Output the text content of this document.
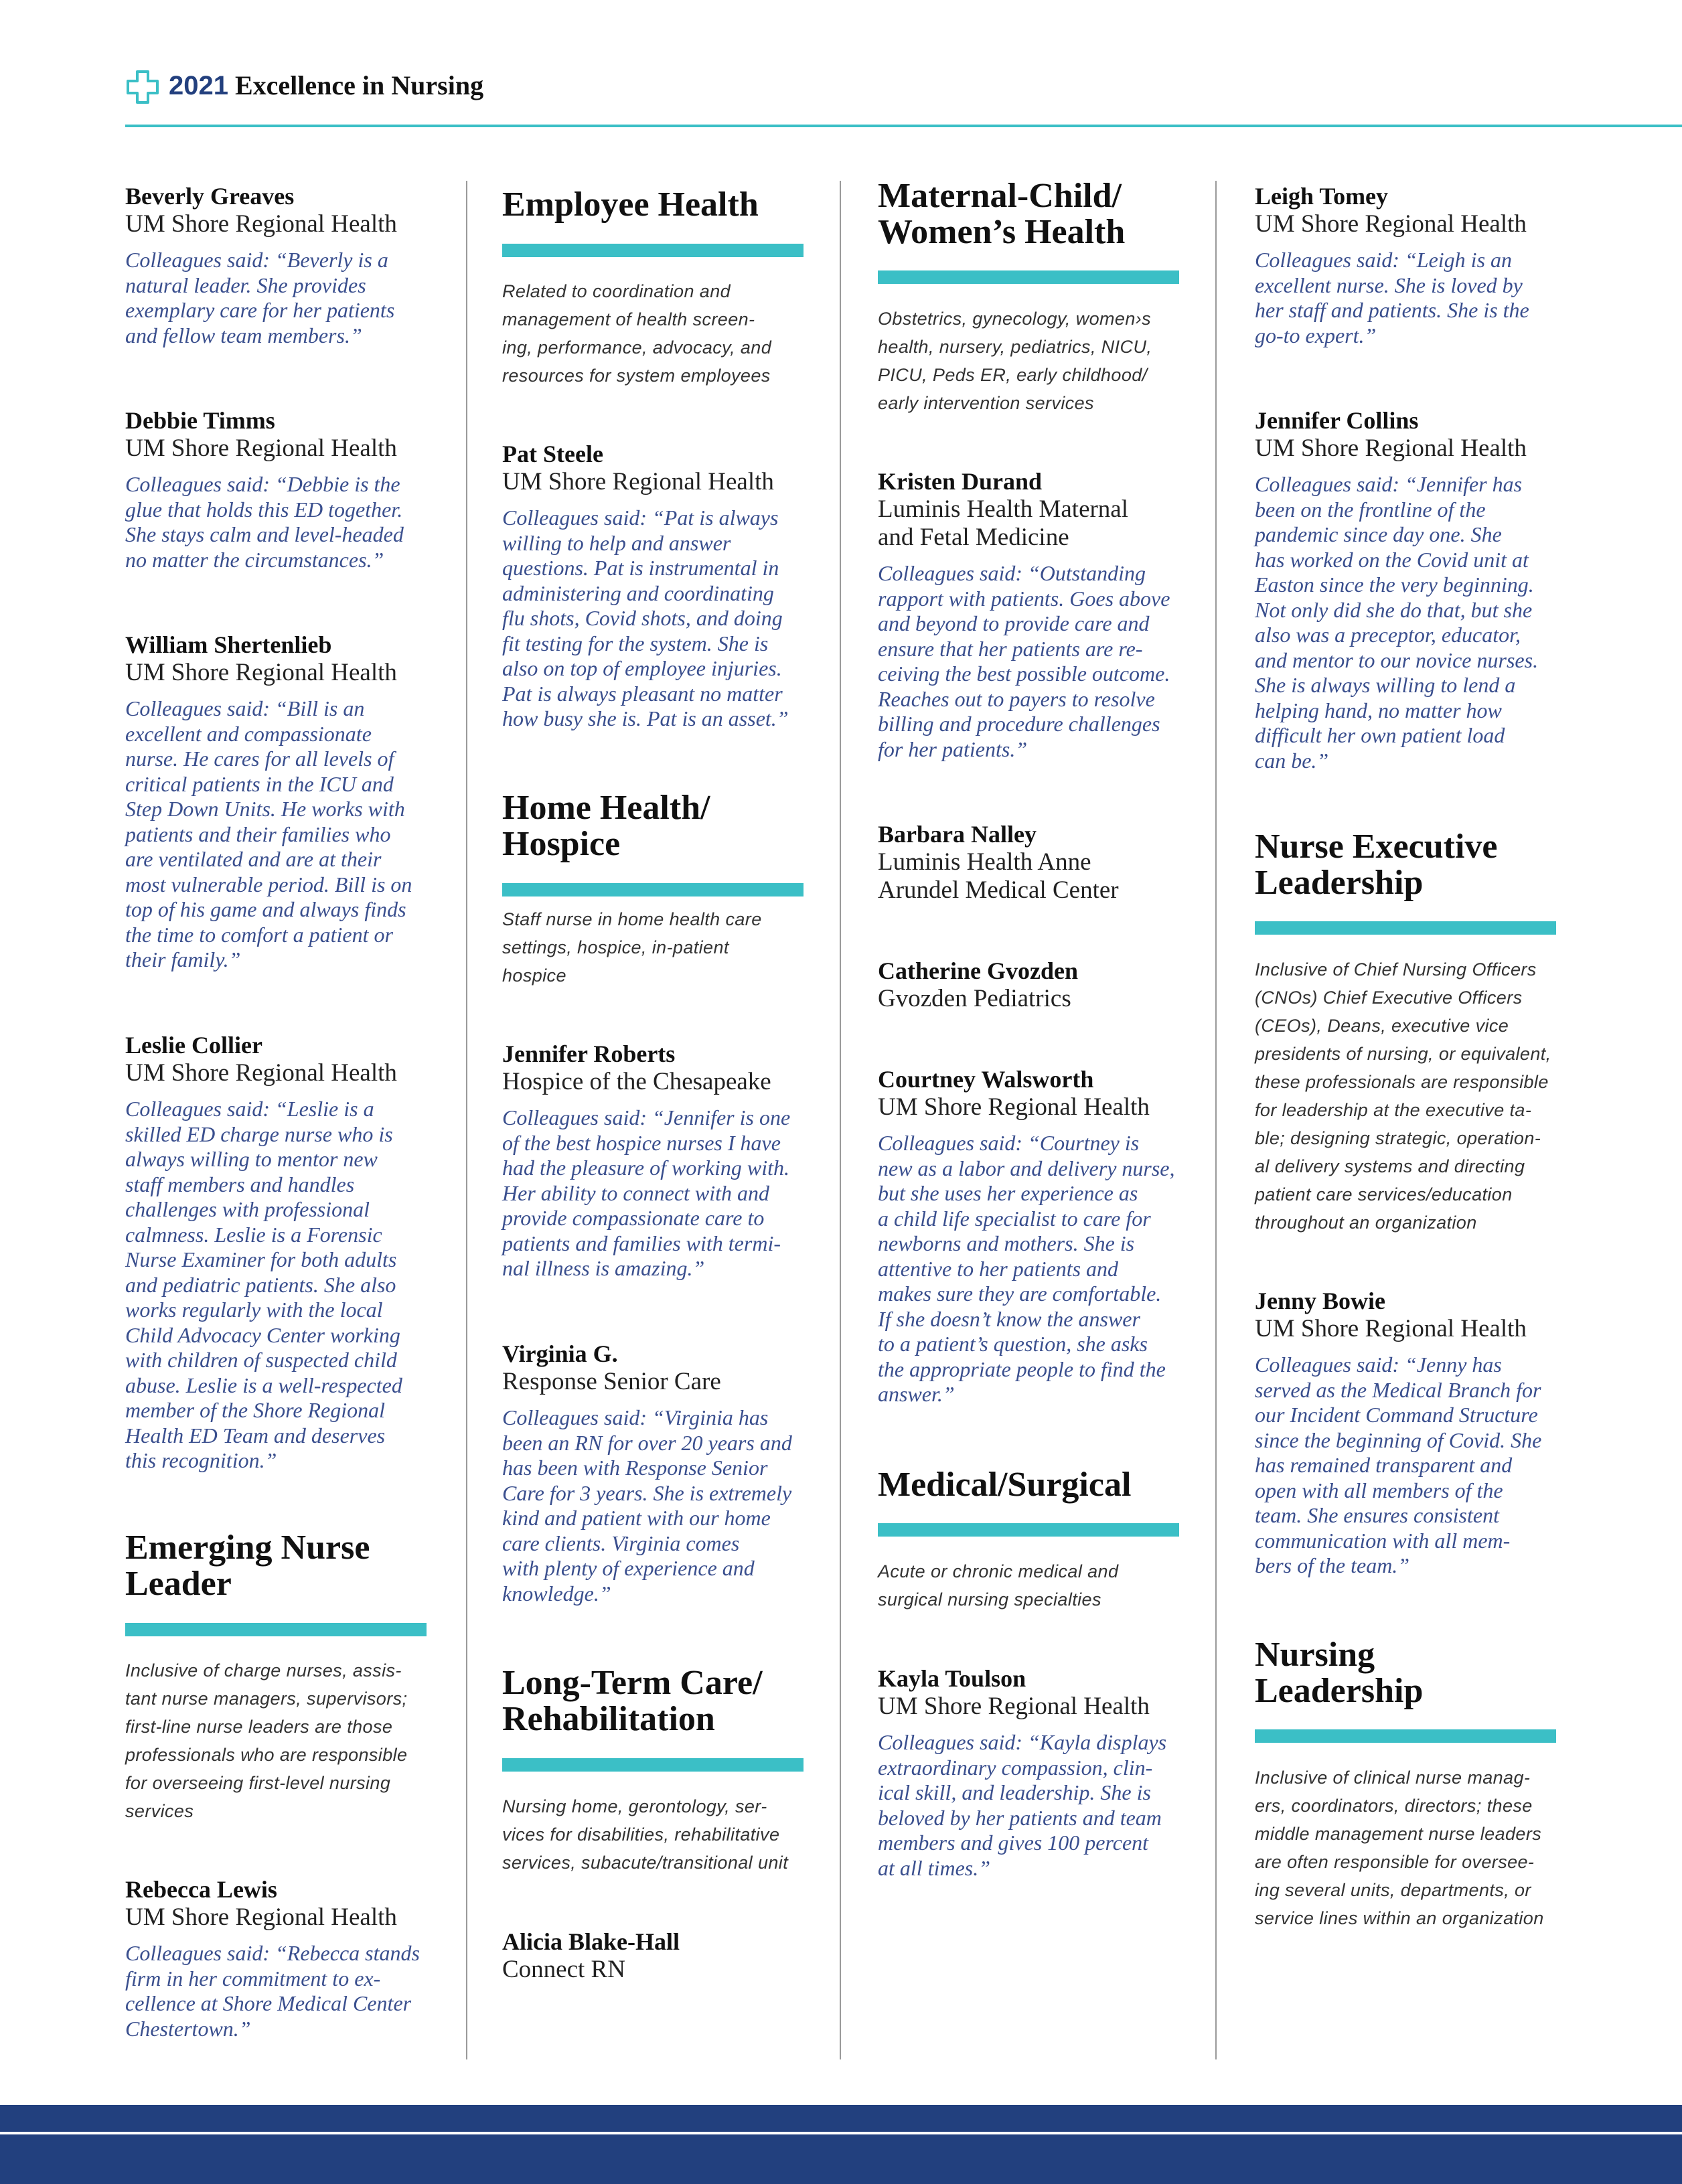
2021 Excellence in Nursing
Beverly Greaves
UM Shore Regional Health
Colleagues said: “Beverly is a
natural leader. She provides
exemplary care for her patients
and fellow team members.”
Debbie Timms
UM Shore Regional Health
Colleagues said: “Debbie is the
glue that holds this ED together.
She stays calm and level-headed
no matter the circumstances.”
William Shertenlieb
UM Shore Regional Health
Colleagues said: “Bill is an
excellent and compassionate
nurse. He cares for all levels of
critical patients in the ICU and
Step Down Units. He works with
patients and their families who
are ventilated and are at their
most vulnerable period. Bill is on
top of his game and always finds
the time to comfort a patient or
their family.”
Leslie Collier
UM Shore Regional Health
Colleagues said: “Leslie is a
skilled ED charge nurse who is
always willing to mentor new
staff members and handles
challenges with professional
calmness. Leslie is a Forensic
Nurse Examiner for both adults
and pediatric patients. She also
works regularly with the local
Child Advocacy Center working
with children of suspected child
abuse. Leslie is a well-respected
member of the Shore Regional
Health ED Team and deserves
this recognition.”
Emerging Nurse
Leader
Inclusive of charge nurses, assis-
tant nurse managers, supervisors;
first-line nurse leaders are those
professionals who are responsible
for overseeing first-level nursing
services
Rebecca Lewis
UM Shore Regional Health
Colleagues said: “Rebecca stands
firm in her commitment to ex-
cellence at Shore Medical Center
Chestertown.”
Employee Health
Related to coordination and
management of health screen-
ing, performance, advocacy, and
resources for system employees
Pat Steele
UM Shore Regional Health
Colleagues said: “Pat is always
willing to help and answer
questions. Pat is instrumental in
administering and coordinating
flu shots, Covid shots, and doing
fit testing for the system. She is
also on top of employee injuries.
Pat is always pleasant no matter
how busy she is. Pat is an asset.”
Home Health/
Hospice
Staff nurse in home health care
settings, hospice, in-patient
hospice
Jennifer Roberts
Hospice of the Chesapeake
Colleagues said: “Jennifer is one
of the best hospice nurses I have
had the pleasure of working with.
Her ability to connect with and
provide compassionate care to
patients and families with termi-
nal illness is amazing.”
Virginia G.
Response Senior Care
Colleagues said: “Virginia has
been an RN for over 20 years and
has been with Response Senior
Care for 3 years. She is extremely
kind and patient with our home
care clients. Virginia comes
with plenty of experience and
knowledge.”
Long-Term Care/
Rehabilitation
Nursing home, gerontology, ser-
vices for disabilities, rehabilitative
services, subacute/transitional unit
Alicia Blake-Hall
Connect RN
Maternal-Child/
Women’s Health
Obstetrics, gynecology, women›s
health, nursery, pediatrics, NICU,
PICU, Peds ER, early childhood/
early intervention services
Kristen Durand
Luminis Health Maternal
and Fetal Medicine
Colleagues said: “Outstanding
rapport with patients. Goes above
and beyond to provide care and
ensure that her patients are re-
ceiving the best possible outcome.
Reaches out to payers to resolve
billing and procedure challenges
for her patients.”
Barbara Nalley
Luminis Health Anne
Arundel Medical Center
Catherine Gvozden
Gvozden Pediatrics
Courtney Walsworth
UM Shore Regional Health
Colleagues said: “Courtney is
new as a labor and delivery nurse,
but she uses her experience as
a child life specialist to care for
newborns and mothers. She is
attentive to her patients and
makes sure they are comfortable.
If she doesn’t know the answer
to a patient’s question, she asks
the appropriate people to find the
answer.”
Medical/Surgical
Acute or chronic medical and
surgical nursing specialties
Kayla Toulson
UM Shore Regional Health
Colleagues said: “Kayla displays
extraordinary compassion, clin-
ical skill, and leadership. She is
beloved by her patients and team
members and gives 100 percent
at all times.”
Leigh Tomey
UM Shore Regional Health
Colleagues said: “Leigh is an
excellent nurse. She is loved by
her staff and patients. She is the
go-to expert.”
Jennifer Collins
UM Shore Regional Health
Colleagues said: “Jennifer has
been on the frontline of the
pandemic since day one. She
has worked on the Covid unit at
Easton since the very beginning.
Not only did she do that, but she
also was a preceptor, educator,
and mentor to our novice nurses.
She is always willing to lend a
helping hand, no matter how
difficult her own patient load
can be.”
Nurse Executive
Leadership
Inclusive of Chief Nursing Officers
(CNOs) Chief Executive Officers
(CEOs), Deans, executive vice
presidents of nursing, or equivalent,
these professionals are responsible
for leadership at the executive ta-
ble; designing strategic, operation-
al delivery systems and directing
patient care services/education
throughout an organization
Jenny Bowie
UM Shore Regional Health
Colleagues said: “Jenny has
served as the Medical Branch for
our Incident Command Structure
since the beginning of Covid. She
has remained transparent and
open with all members of the
team. She ensures consistent
communication with all mem-
bers of the team.”
Nursing
Leadership
Inclusive of clinical nurse manag-
ers, coordinators, directors; these
middle management nurse leaders
are often responsible for oversee-
ing several units, departments, or
service lines within an organization
